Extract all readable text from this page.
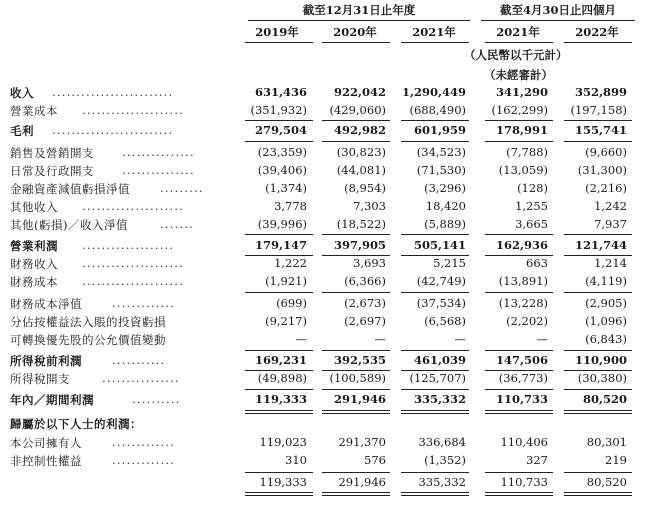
截至12月31日止年度	截至4月30日止四個月
2019年	2020年	2021年	2021年	2022年
（人民幣以千元計）
（未經審計）
收入 .........................	631,436	922,042	1,290,449	341,290	352,899
營業成本 .....................	(351,932)	(429,060)	(688,490)	(162,299)	(197,158)
毛利 .........................	279,504	492,982	601,959	178,991	155,741
銷售及營銷開支 ...............	(23,359)	(30,823)	(34,523)	(7,788)	(9,660)
日常及行政開支 ...............	(39,406)	(44,081)	(71,530)	(13,059)	(31,300)
金融資產減值虧損淨值	.........	(1,374)	(8,954)	(3,296)	(128)	(2,216)
其他收入 .....................	3,778	7,303	18,420	1,255	1,242
其他(虧損)／收入淨值	.......	(39,996)	(18,522)	(5,889)	3,665	7,937
營業利潤 ...................	179,147	397,905	505,141	162,936	121,744
財務收入 .....................	1,222	3,693	5,215	663	1,214
財務成本 .....................	(1,921)	(6,366)	(42,749)	(13,891)	(4,119)
財務成本淨值	.............	(699)	(2,673)	(37,534)	(13,228)	(2,905)
分佔按權益法入賬的投資虧損	(9,217)	(2,697)	(6,568)	(2,202)	(1,096)
可轉換優先股的公允價值變動	—	—	—	—	(6,843)
所得稅前利潤	...........	169,231	392,535	461,039	147,506	110,900
所得稅開支	................	(49,898)	(100,589)	(125,707)	(36,773)	(30,380)
年內／期間利潤	..........	119,333	291,946	335,332	110,733	80,520
歸屬於以下人士的利潤：
本公司擁有人	.............	119,023	291,370	336,684	110,406	80,301
非控制性權益	.............	310	576	(1,352)	327	219
119,333	291,946	335,332	110,733	80,520
